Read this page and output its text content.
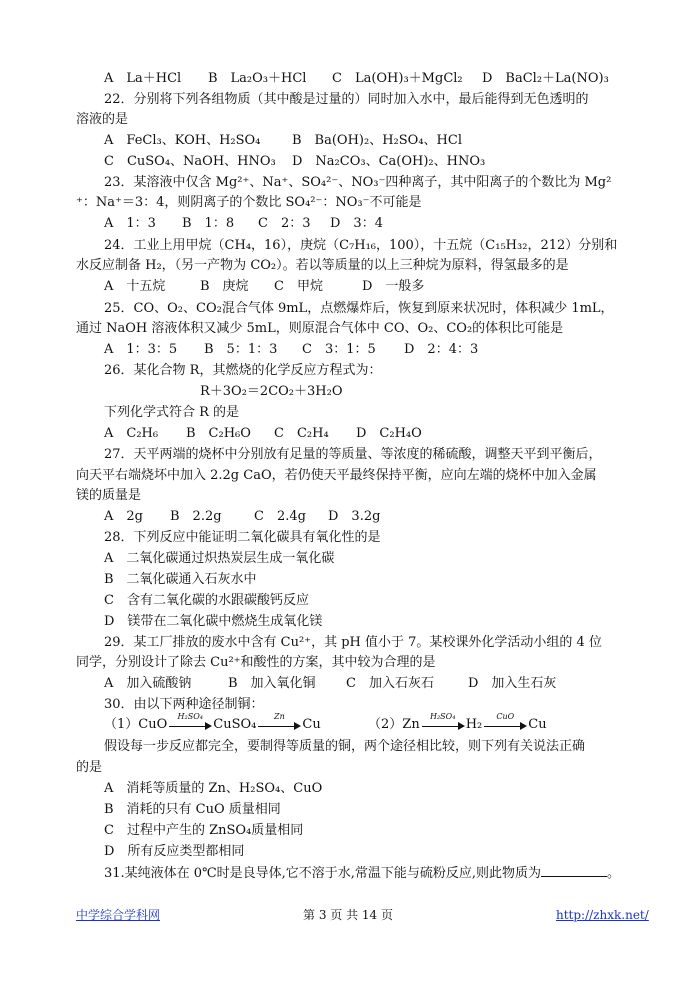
A　La＋HCl B　La₂O₃＋HCl C　La(OH)₃＋MgCl₂ D　BaCl₂＋La(NO)₃
22．分别将下列各组物质（其中酸是过量的）同时加入水中，最后能得到无色透明的
溶液的是
A　FeCl₃、KOH、H₂SO₄ B　Ba(OH)₂、H₂SO₄、HCl
C　CuSO₄、NaOH、HNO₃ D　Na₂CO₃、Ca(OH)₂、HNO₃
23．某溶液中仅含 Mg²⁺、Na⁺、SO₄²⁻、NO₃⁻四种离子，其中阳离子的个数比为 Mg²
⁺：Na⁺＝3：4，则阴离子的个数比 SO₄²⁻：NO₃⁻不可能是
A　1：3 B　1：8 C　2：3 D　3：4
24．工业上用甲烷（CH₄，16），庚烷（C₇H₁₆，100），十五烷（C₁₅H₃₂，212）分别和
水反应制备 H₂，（另一产物为 CO₂）。若以等质量的以上三种烷为原料，得氢最多的是
A　十五烷	B　庚烷 C　甲烷	D　一般多
25．CO、O₂、CO₂混合气体 9mL，点燃爆炸后，恢复到原来状况时，体积减少 1mL，
通过 NaOH 溶液体积又减少 5mL，则原混合气体中 CO、O₂、CO₂的体积比可能是
A　1：3：5 B　5：1：3 C　3：1：5 D　2：4：3
26．某化合物 R，其燃烧的化学反应方程式为：
R＋3O₂＝2CO₂＋3H₂O
下列化学式符合 R 的是
A　C₂H₆ B　C₂H₆O C　C₂H₄ D　C₂H₄O
27．天平两端的烧杯中分别放有足量的等质量、等浓度的稀硫酸，调整天平到平衡后，
向天平右端烧坏中加入 2.2g CaO，若仍使天平最终保持平衡，应向左端的烧杯中加入金属
镁的质量是
A　2g B　2.2g C　2.4g D　3.2g
28．下列反应中能证明二氧化碳具有氧化性的是
A　二氧化碳通过炽热炭层生成一氧化碳
B　二氧化碳通入石灰水中
C　含有二氧化碳的水跟碳酸钙反应
D　镁带在二氧化碳中燃烧生成氧化镁
29．某工厂排放的废水中含有 Cu²⁺，其 pH 值小于 7。某校课外化学活动小组的 4 位
同学，分别设计了除去 Cu²⁺和酸性的方案，其中较为合理的是
A　加入硫酸钠	B　加入氧化铜 C　加入石灰石	D　加入生石灰
30．由以下两种途径制铜：
（1）CuO
H₂SO₄
CuSO₄
Zn
Cu	（2）Zn
H₂SO₄
H₂
CuO
Cu
假设每一步反应都完全，要制得等质量的铜，两个途径相比较，则下列有关说法正确
的是
A　消耗等质量的 Zn、H₂SO₄、CuO
B　消耗的只有 CuO 质量相同
C　过程中产生的 ZnSO₄质量相同
D　所有反应类型都相同
31.某纯液体在 0℃时是良导体,它不溶于水,常温下能与硫粉反应,则此物质为	。
中学综合学科网	第 3 页 共 14 页	http://zhxk.net/
